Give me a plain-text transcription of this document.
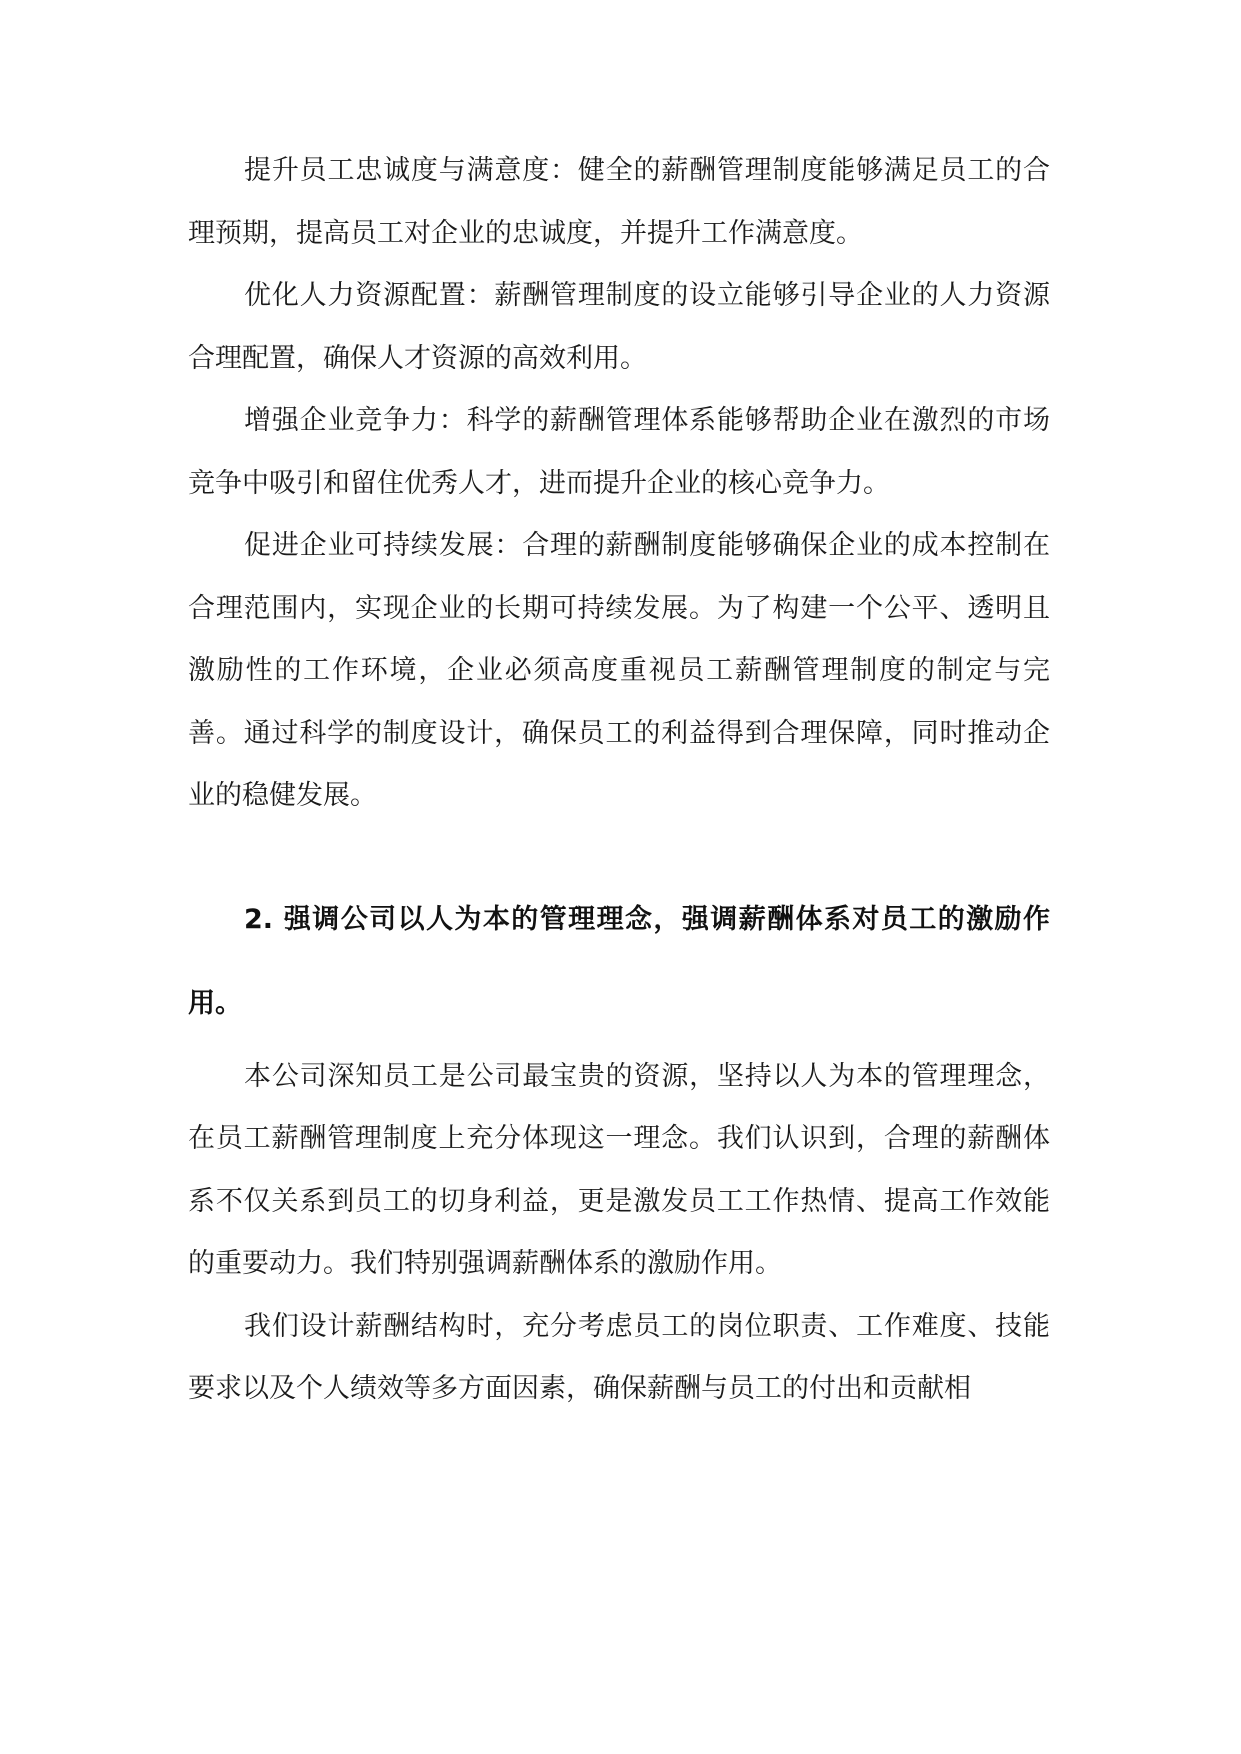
提升员工忠诚度与满意度：健全的薪酬管理制度能够满足员工的合理预期，提高员工对企业的忠诚度，并提升工作满意度。

优化人力资源配置：薪酬管理制度的设立能够引导企业的人力资源合理配置，确保人才资源的高效利用。

增强企业竞争力：科学的薪酬管理体系能够帮助企业在激烈的市场竞争中吸引和留住优秀人才，进而提升企业的核心竞争力。

促进企业可持续发展：合理的薪酬制度能够确保企业的成本控制在合理范围内，实现企业的长期可持续发展。为了构建一个公平、透明且激励性的工作环境，企业必须高度重视员工薪酬管理制度的制定与完善。通过科学的制度设计，确保员工的利益得到合理保障，同时推动企业的稳健发展。

2. 强调公司以人为本的管理理念，强调薪酬体系对员工的激励作用。

本公司深知员工是公司最宝贵的资源，坚持以人为本的管理理念，在员工薪酬管理制度上充分体现这一理念。我们认识到，合理的薪酬体系不仅关系到员工的切身利益，更是激发员工工作热情、提高工作效能的重要动力。我们特别强调薪酬体系的激励作用。

我们设计薪酬结构时，充分考虑员工的岗位职责、工作难度、技能要求以及个人绩效等多方面因素，确保薪酬与员工的付出和贡献相
